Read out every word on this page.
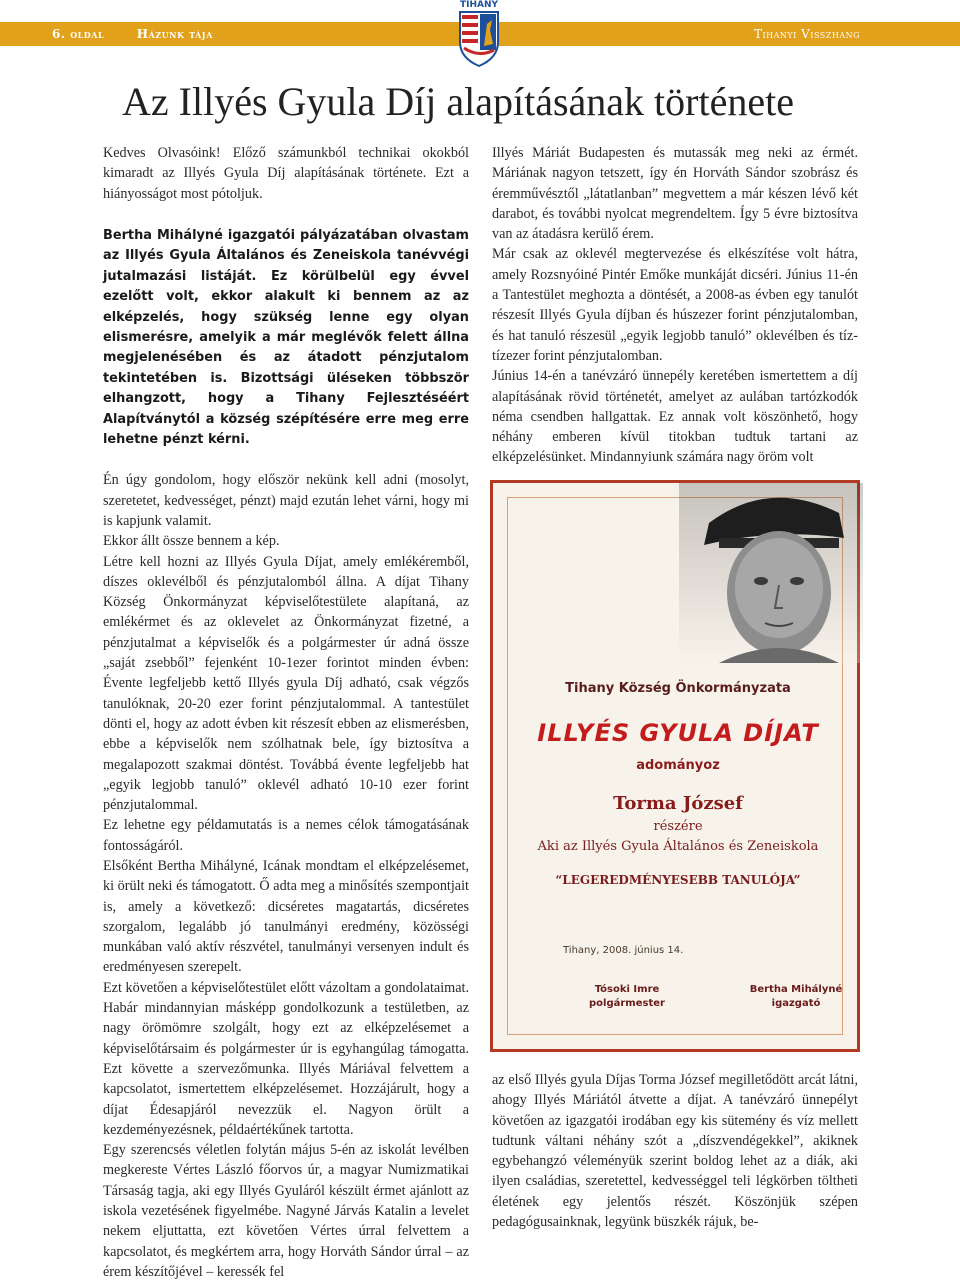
6. oldal	Házunk tája	Tihanyi Visszhang
TIHANY
Az Illyés Gyula Díj alapításának története

Kedves Olvasóink! Előző számunkból technikai okokból kimaradt az Illyés Gyula Díj alapításának története. Ezt a hiányosságot most pótoljuk.

Bertha Mihályné igazgatói pályázatában olvastam az Illyés Gyula Általános és Zeneiskola tanévvégi jutalmazási listáját. Ez körülbelül egy évvel ezelőtt volt, ekkor alakult ki bennem az az elképzelés, hogy szükség lenne egy olyan elismerésre, amelyik a már meglévők felett állna megjelenésében és az átadott pénzjutalom tekintetében is. Bizottsági üléseken többször elhangzott, hogy a Tihany Fejlesztéséért Alapítványtól a község szépítésére erre meg erre lehetne pénzt kérni.

Én úgy gondolom, hogy először nekünk kell adni (mosolyt, szeretetet, kedvességet, pénzt) majd ezután lehet várni, hogy mi is kapjunk valamit.

Ekkor állt össze bennem a kép.

Létre kell hozni az Illyés Gyula Díjat, amely emlékéremből, díszes oklevélből és pénzjutalomból állna. A díjat Tihany Község Önkormányzat képviselőtestülete alapítaná, az emlékérmet és az oklevelet az Önkormányzat fizetné, a pénzjutalmat a képviselők és a polgármester úr adná össze „saját zsebből” fejenként 10-1ezer forintot minden évben: Évente legfeljebb kettő Illyés gyula Díj adható, csak végzős tanulóknak, 20-20 ezer forint pénzjutalommal. A tantestület dönti el, hogy az adott évben kit részesít ebben az elismerésben, ebbe a képviselők nem szólhatnak bele, így biztosítva a megalapozott szakmai döntést. Továbbá évente legfeljebb hat „egyik legjobb tanuló” oklevél adható 10-10 ezer forint pénzjutalommal.

Ez lehetne egy példamutatás is a nemes célok támogatásának fontosságáról.

Elsőként Bertha Mihályné, Icának mondtam el elképzelésemet, ki örült neki és támogatott. Ő adta meg a minősítés szempontjait is, amely a következő: dicséretes magatartás, dicséretes szorgalom, legalább jó tanulmányi eredmény, közösségi munkában való aktív részvétel, tanulmányi versenyen indult és eredményesen szerepelt.

Ezt követően a képviselőtestület előtt vázoltam a gondolataimat. Habár mindannyian másképp gondolkozunk a testületben, az nagy örömömre szolgált, hogy ezt az elképzelésemet a képviselőtársaim és polgármester úr is egyhangúlag támogatta. Ezt követte a szervezőmunka. Illyés Máriával felvettem a kapcsolatot, ismertettem elképzelésemet. Hozzájárult, hogy a díjat Édesapjáról nevezzük el. Nagyon örült a kezdeményezésnek, példaértékűnek tartotta.

Egy szerencsés véletlen folytán május 5-én az iskolát levélben megkereste Vértes László főorvos úr, a magyar Numizmatikai Társaság tagja, aki egy Illyés Gyuláról készült érmet ajánlott az iskola vezetésének figyelmébe. Nagyné Járvás Katalin a levelet nekem eljuttatta, ezt követően Vértes úrral felvettem a kapcsolatot, és megkértem arra, hogy Horváth Sándor úrral – az érem készítőjével – keressék fel

Illyés Máriát Budapesten és mutassák meg neki az érmét. Máriának nagyon tetszett, így én Horváth Sándor szobrász és éremművésztől „látatlanban” megvettem a már készen lévő két darabot, és további nyolcat megrendeltem. Így 5 évre biztosítva van az átadásra kerülő érem.

Már csak az oklevél megtervezése és elkészítése volt hátra, amely Rozsnyóiné Pintér Emőke munkáját dicséri. Június 11-én a Tantestület meghozta a döntését, a 2008-as évben egy tanulót részesít Illyés Gyula díjban és húszezer forint pénzjutalomban, és hat tanuló részesül „egyik legjobb tanuló” oklevélben és tíz-tízezer forint pénzjutalomban.

Június 14-én a tanévzáró ünnepély keretében ismertettem a díj alapításának rövid történetét, amelyet az aulában tartózkodók néma csendben hallgattak. Ez annak volt köszönhető, hogy néhány emberen kívül titokban tudtuk tartani az elképzelésünket. Mindannyiunk számára nagy öröm volt

Tihany Község Önkormányzata
ILLYÉS GYULA DÍJAT
adományoz
Torma József
részére
Aki az Illyés Gyula Általános és Zeneiskola
“LEGEREDMÉNYESEBB TANULÓJA”
Tihany, 2008. június 14.
Tósoki Imre
polgármester
Bertha Mihályné
igazgató

az első Illyés gyula Díjas Torma József megilletődött arcát látni, ahogy Illyés Máriától átvette a díjat. A tanévzáró ünnepélyt követően az igazgatói irodában egy kis sütemény és víz mellett tudtunk váltani néhány szót a „díszvendégekkel”, akiknek egybehangzó véleményük szerint boldog lehet az a diák, aki ilyen családias, szeretettel, kedvességgel teli légkörben töltheti életének egy jelentős részét. Köszönjük szépen pedagógusainknak, legyünk büszkék rájuk, be-
